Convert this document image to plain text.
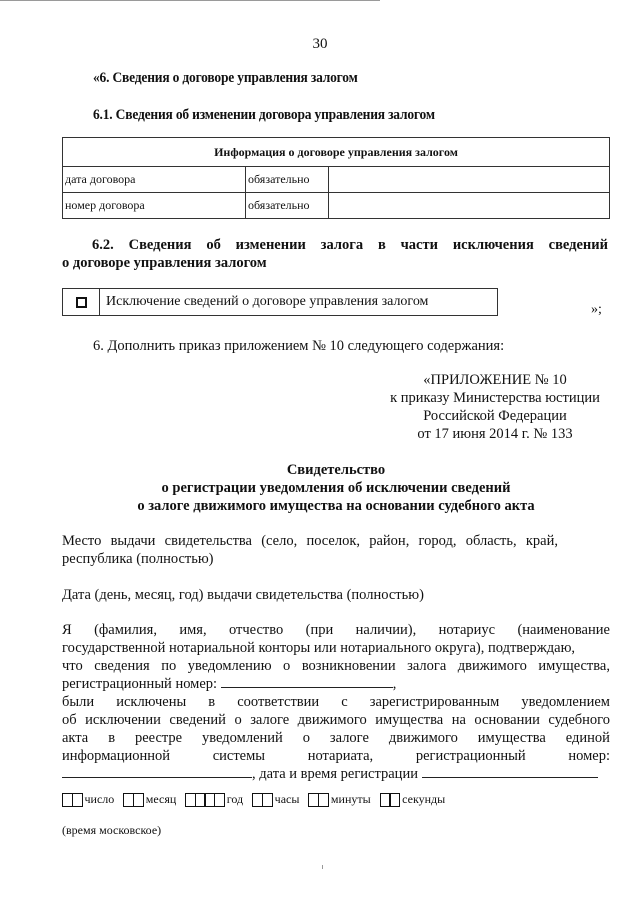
30
«6. Сведения о договоре управления залогом
6.1. Сведения об изменении договора управления залогом
Информация о договоре управления залогом		
дата договора	обязательно	
номер договора	обязательно	
6.2. Сведения об изменении залога в части исключения сведений
о договоре управления залогом
Исключение сведений о договоре управления залогом
»;
6. Дополнить приказ приложением № 10 следующего содержания:
«ПРИЛОЖЕНИЕ № 10
к приказу Министерства юстиции
Российской Федерации
от 17 июня 2014 г. № 133
Свидетельство
о регистрации уведомления об исключении сведений
о залоге движимого имущества на основании судебного акта
Место выдачи свидетельства (село, поселок, район, город, область, край,
республика (полностью)
Дата (день, месяц, год) выдачи свидетельства (полностью)
Я (фамилия, имя, отчество (при наличии), нотариус (наименование
государственной нотариальной конторы или нотариального округа), подтверждаю,
что сведения по уведомлению о возникновении залога движимого имущества,
регистрационный номер:	,
были исключены в соответствии с зарегистрированным уведомлением
об исключении сведений о залоге движимого имущества на основании судебного
акта в реестре уведомлений о залоге движимого имущества единой
информационной	системы	нотариата,	регистрационный	номер:
, дата и время регистрации
число	месяц	год	часы	минуты	секунды
(время московское)
